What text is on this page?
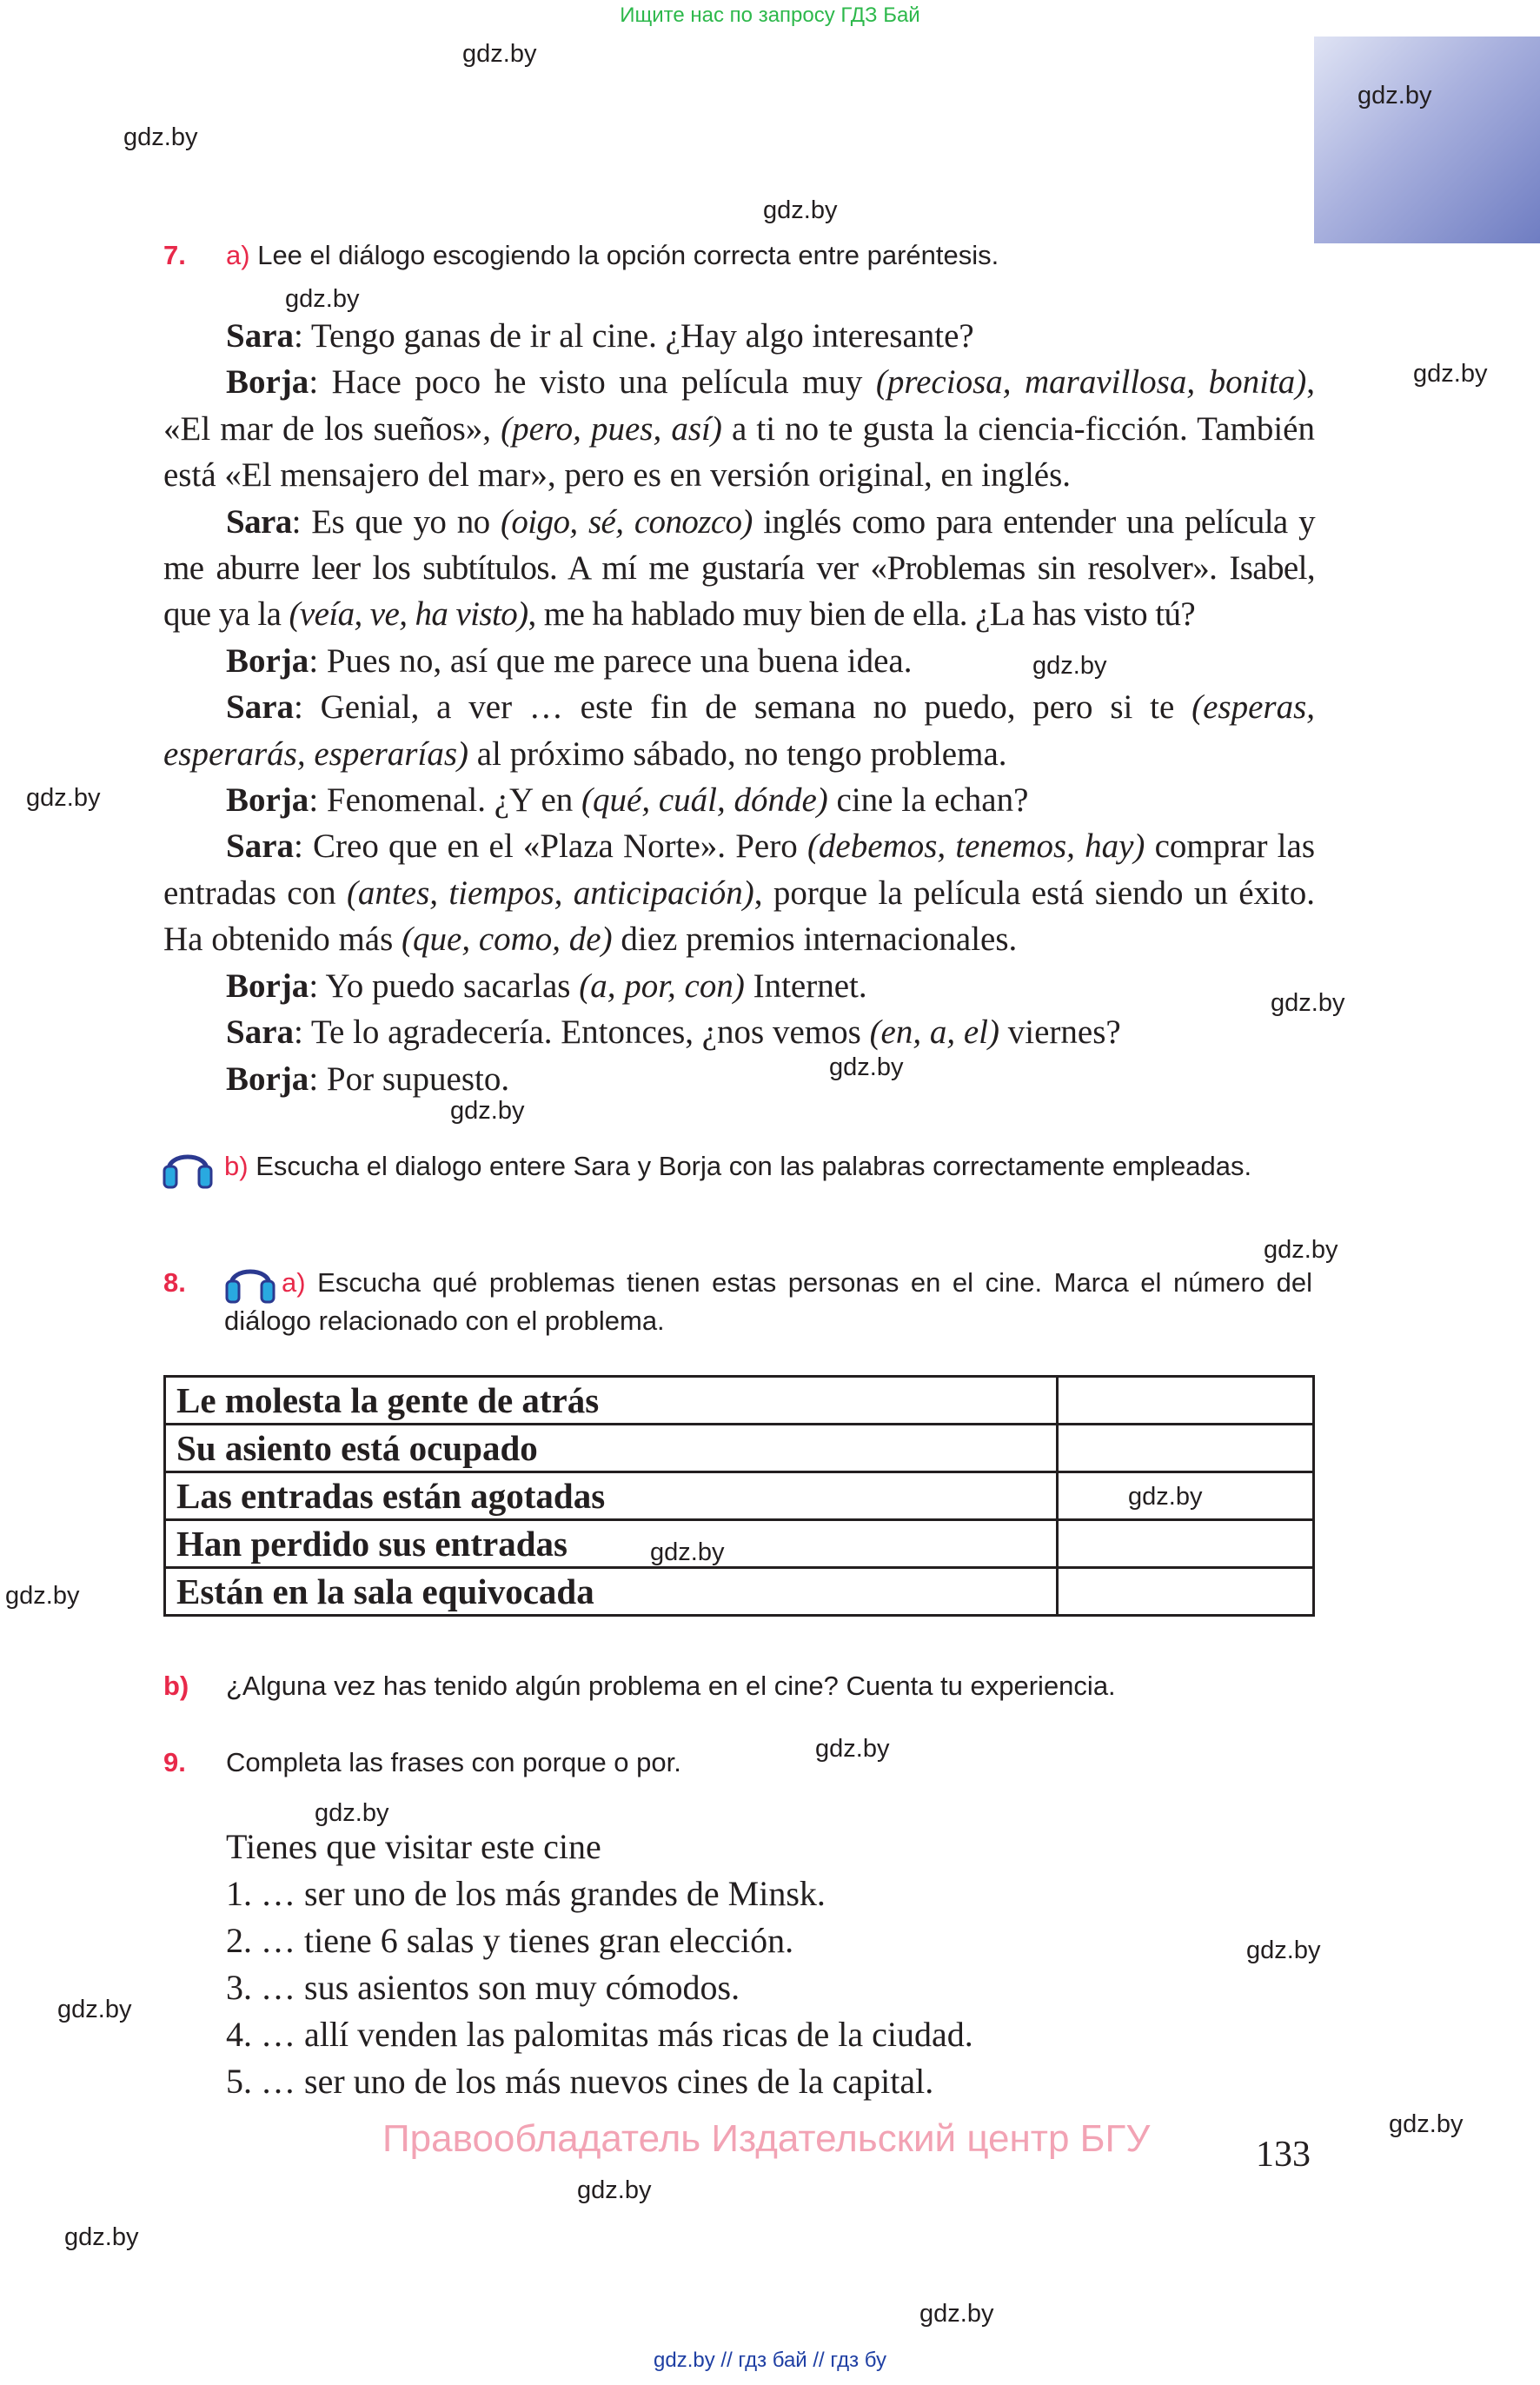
Ищите нас по запросу ГДЗ Бай
gdz.by
gdz.by
gdz.by
gdz.by
gdz.by
gdz.by
gdz.by
gdz.by
gdz.by
gdz.by
gdz.by
gdz.by
gdz.by
gdz.by
gdz.by
gdz.by
gdz.by
gdz.by
gdz.by
gdz.by
gdz.by
gdz.by
gdz.by
7. a) Lee el diálogo escogiendo la opción correcta entre paréntesis.

Sara: Tengo ganas de ir al cine. ¿Hay algo interesante?

Borja: Hace poco he visto una película muy (preciosa, maravillosa, bonita), «El mar de los sueños», (pero, pues, así) a ti no te gusta la ciencia-ficción. También está «El mensajero del mar», pero es en versión original, en inglés.

Sara: Es que yo no (oigo, sé, conozco) inglés como para entender una película y me aburre leer los subtítulos. A mí me gustaría ver «Problemas sin resolver». Isabel, que ya la (veía, ve, ha visto), me ha hablado muy bien de ella. ¿La has visto tú?

Borja: Pues no, así que me parece una buena idea.

Sara: Genial, a ver … este fin de semana no puedo, pero si te (esperas, esperarás, esperarías) al próximo sábado, no tengo problema.

Borja: Fenomenal. ¿Y en (qué, cuál, dónde) cine la echan?

Sara: Creo que en el «Plaza Norte». Pero (debemos, tenemos, hay) comprar las entradas con (antes, tiempos, anticipación), porque la película está siendo un éxito. Ha obtenido más (que, como, de) diez premios internacionales.

Borja: Yo puedo sacarlas (a, por, con) Internet.

Sara: Te lo agradecería. Entonces, ¿nos vemos (en, a, el) viernes?

Borja: Por supuesto.

b) Escucha el dialogo entere Sara y Borja con las palabras correctamente empleadas.
8.	a) Escucha qué problemas tienen estas personas en el cine. Marca el número del diálogo relacionado con el problema.
Le molesta la gente de atrás	
Su asiento está ocupado	
Las entradas están agotadas	
Han perdido sus entradas	
Están en la sala equivocada	
b) ¿Alguna vez has tenido algún problema en el cine? Cuenta tu experiencia.
9. Completa las frases con porque o por.
Tienes que visitar este cine
1. … ser uno de los más grandes de Minsk.
2. … tiene 6 salas y tienes gran elección.
3. … sus asientos son muy cómodos.
4. … allí venden las palomitas más ricas de la ciudad.
5. … ser uno de los más nuevos cines de la capital.
Правообладатель Издательский центр БГУ	133
gdz.by // гдз бай // гдз бу
